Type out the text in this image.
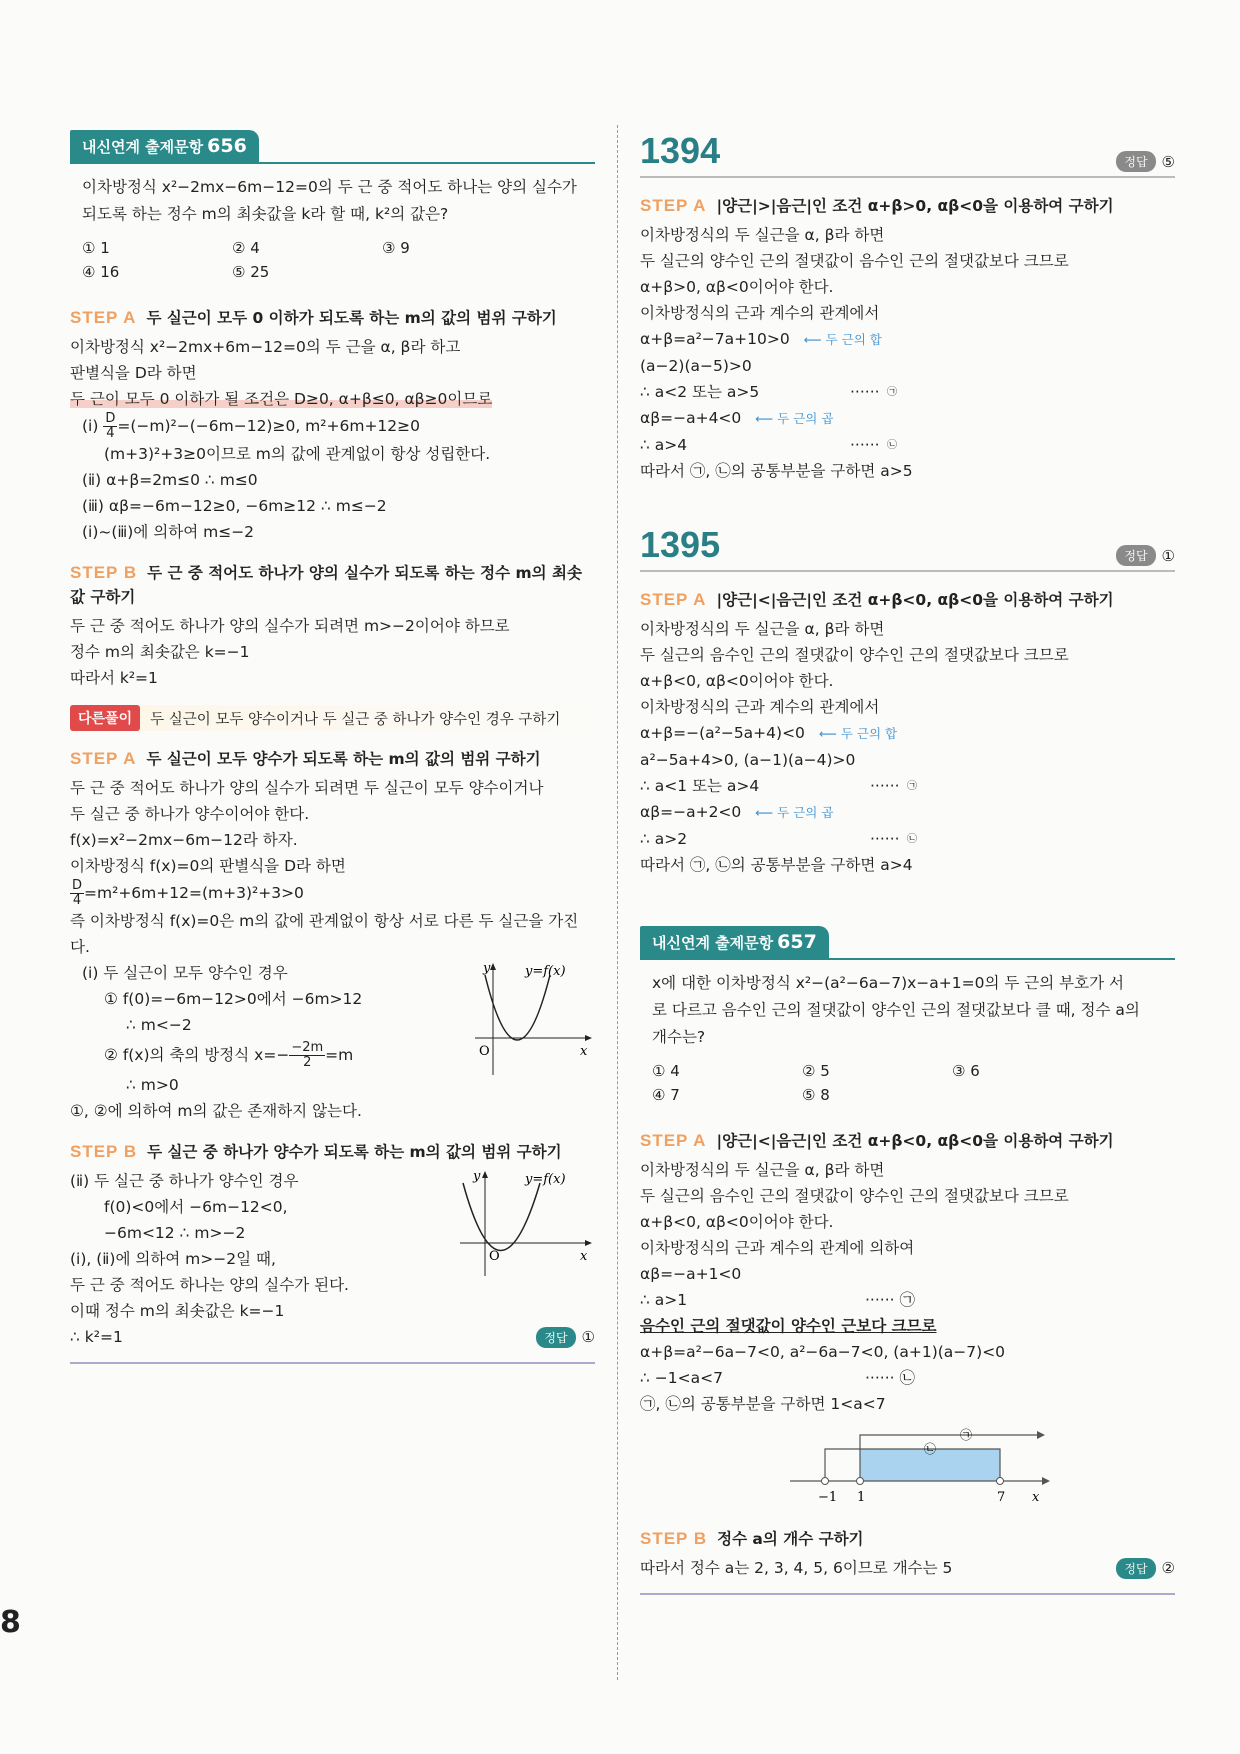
8
내신연계 출제문항 656
이차방정식 x²−2mx−6m−12=0의 두 근 중 적어도 하나는 양의 실수가
되도록 하는 정수 m의 최솟값을 k라 할 때, k²의 값은?
① 1	② 4	③ 9
④ 16	⑤ 25
STEP A 두 실근이 모두 0 이하가 되도록 하는 m의 값의 범위 구하기

이차방정식 x²−2mx+6m−12=0의 두 근을 α, β라 하고

판별식을 D라 하면

두 근이 모두 0 이하가 될 조건은 D≥0, α+β≤0, αβ≥0이므로

(ⅰ) $\frac{D}{4} =(-m)^2-(-6m-12)\ge 0$, m²+6m+12≥0

(m+3)²+3≥0이므로 m의 값에 관계없이 항상 성립한다.

(ⅱ) α+β=2m≤0 ∴ m≤0

(ⅲ) αβ=−6m−12≥0, −6m≥12 ∴ m≤−2

(ⅰ)~(ⅲ)에 의하여 m≤−2

STEP B 두 근 중 적어도 하나가 양의 실수가 되도록 하는 정수 m의 최솟값 구하기

두 근 중 적어도 하나가 양의 실수가 되려면 m>−2이어야 하므로

정수 m의 최솟값은 k=−1

따라서 k²=1

다른풀이	두 실근이 모두 양수이거나 두 실근 중 하나가 양수인 경우 구하기
STEP A 두 실근이 모두 양수가 되도록 하는 m의 값의 범위 구하기

두 근 중 적어도 하나가 양의 실수가 되려면 두 실근이 모두 양수이거나

두 실근 중 하나가 양수이어야 한다.

f(x)=x²−2mx−6m−12라 하자.

이차방정식 f(x)=0의 판별식을 D라 하면

$\frac{D}{4} =m^2+6m+12=(m+3)^2+3>0$

즉 이차방정식 f(x)=0은 m의 값에 관계없이 항상 서로 다른 두 실근을 가진다.

(ⅰ) 두 실근이 모두 양수인 경우

① f(0)=−6m−12>0에서 −6m>12

∴ m<−2

② f(x)의 축의 방정식 $x=- \frac{-2m}{2} =m$

∴ m>0

y
x
O
y=f(x)

①, ②에 의하여 m의 값은 존재하지 않는다.

STEP B 두 실근 중 하나가 양수가 되도록 하는 m의 값의 범위 구하기

(ⅱ) 두 실근 중 하나가 양수인 경우

f(0)<0에서 −6m−12<0,

−6m<12 ∴ m>−2

(ⅰ), (ⅱ)에 의하여 m>−2일 때,

두 근 중 적어도 하나는 양의 실수가 된다.

y
x
O
y=f(x)

이때 정수 m의 최솟값은 k=−1

∴ k²=1	정답 ①
1394	정답 ⑤
STEP A |양근|>|음근|인 조건 α+β>0, αβ<0을 이용하여 구하기

이차방정식의 두 실근을 α, β라 하면

두 실근의 양수인 근의 절댓값이 음수인 근의 절댓값보다 크므로

α+β>0, αβ<0이어야 한다.

이차방정식의 근과 계수의 관계에서

α+β=a²−7a+10>0 ⟵ 두 근의 합

(a−2)(a−5)>0

∴ a<2 또는 a>5	······ ㉠

αβ=−a+4<0 ⟵ 두 근의 곱

∴ a>4	······ ㉡

따라서 ㉠, ㉡의 공통부분을 구하면 a>5

1395	정답 ①
STEP A |양근|<|음근|인 조건 α+β<0, αβ<0을 이용하여 구하기

이차방정식의 두 실근을 α, β라 하면

두 실근의 음수인 근의 절댓값이 양수인 근의 절댓값보다 크므로

α+β<0, αβ<0이어야 한다.

이차방정식의 근과 계수의 관계에서

α+β=−(a²−5a+4)<0 ⟵ 두 근의 합

a²−5a+4>0, (a−1)(a−4)>0

∴ a<1 또는 a>4	······ ㉠

αβ=−a+2<0 ⟵ 두 근의 곱

∴ a>2	······ ㉡

따라서 ㉠, ㉡의 공통부분을 구하면 a>4

내신연계 출제문항 657
x에 대한 이차방정식 x²−(a²−6a−7)x−a+1=0의 두 근의 부호가 서
로 다르고 음수인 근의 절댓값이 양수인 근의 절댓값보다 클 때, 정수 a의
개수는?
① 4	② 5	③ 6
④ 7	⑤ 8
STEP A |양근|<|음근|인 조건 α+β<0, αβ<0을 이용하여 구하기

이차방정식의 두 실근을 α, β라 하면

두 실근의 음수인 근의 절댓값이 양수인 근의 절댓값보다 크므로

α+β<0, αβ<0이어야 한다.

이차방정식의 근과 계수의 관계에 의하여

αβ=−a+1<0

∴ a>1	······ ㉠

음수인 근의 절댓값이 양수인 근보다 크므로

α+β=a²−6a−7<0, a²−6a−7<0, (a+1)(a−7)<0

∴ −1<a<7	······ ㉡

㉠, ㉡의 공통부분을 구하면 1<a<7

−1 1	7 x
㉠
㉡
STEP B 정수 a의 개수 구하기

따라서 정수 a는 2, 3, 4, 5, 6이므로 개수는 5	정답 ②
